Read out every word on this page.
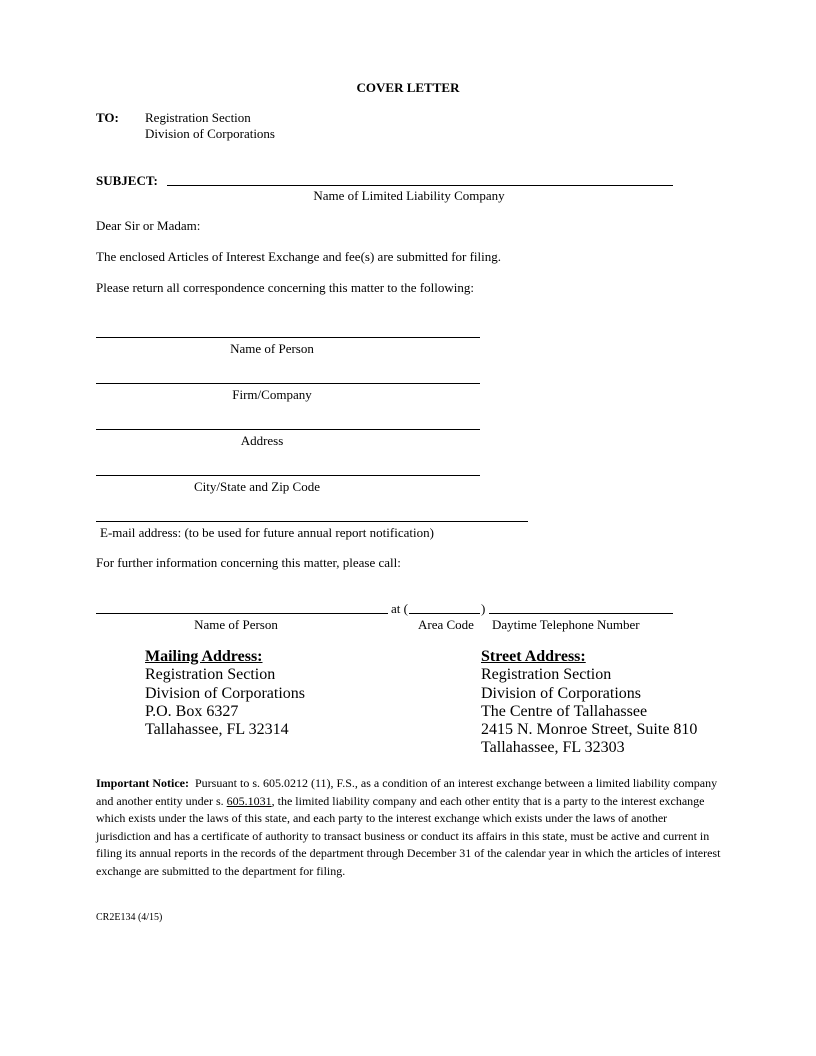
COVER LETTER
TO: Registration Section
Division of Corporations
SUBJECT:
Name of Limited Liability Company
Dear Sir or Madam:
The enclosed Articles of Interest Exchange and fee(s) are submitted for filing.
Please return all correspondence concerning this matter to the following:
Name of Person
Firm/Company
Address
City/State and Zip Code
E-mail address: (to be used for future annual report notification)
For further information concerning this matter, please call:
at (	)
Name of Person	Area Code Daytime Telephone Number
Mailing Address:
Registration Section
Division of Corporations
P.O. Box 6327
Tallahassee, FL 32314
Street Address:
Registration Section
Division of Corporations
The Centre of Tallahassee
2415 N. Monroe Street, Suite 810
Tallahassee, FL 32303
Important Notice: Pursuant to s. 605.0212 (11), F.S., as a condition of an interest exchange between a limited liability company and another entity under s. 605.1031, the limited liability company and each other entity that is a party to the interest exchange which exists under the laws of this state, and each party to the interest exchange which exists under the laws of another jurisdiction and has a certificate of authority to transact business or conduct its affairs in this state, must be active and current in filing its annual reports in the records of the department through December 31 of the calendar year in which the articles of interest exchange are submitted to the department for filing.
CR2E134 (4/15)
